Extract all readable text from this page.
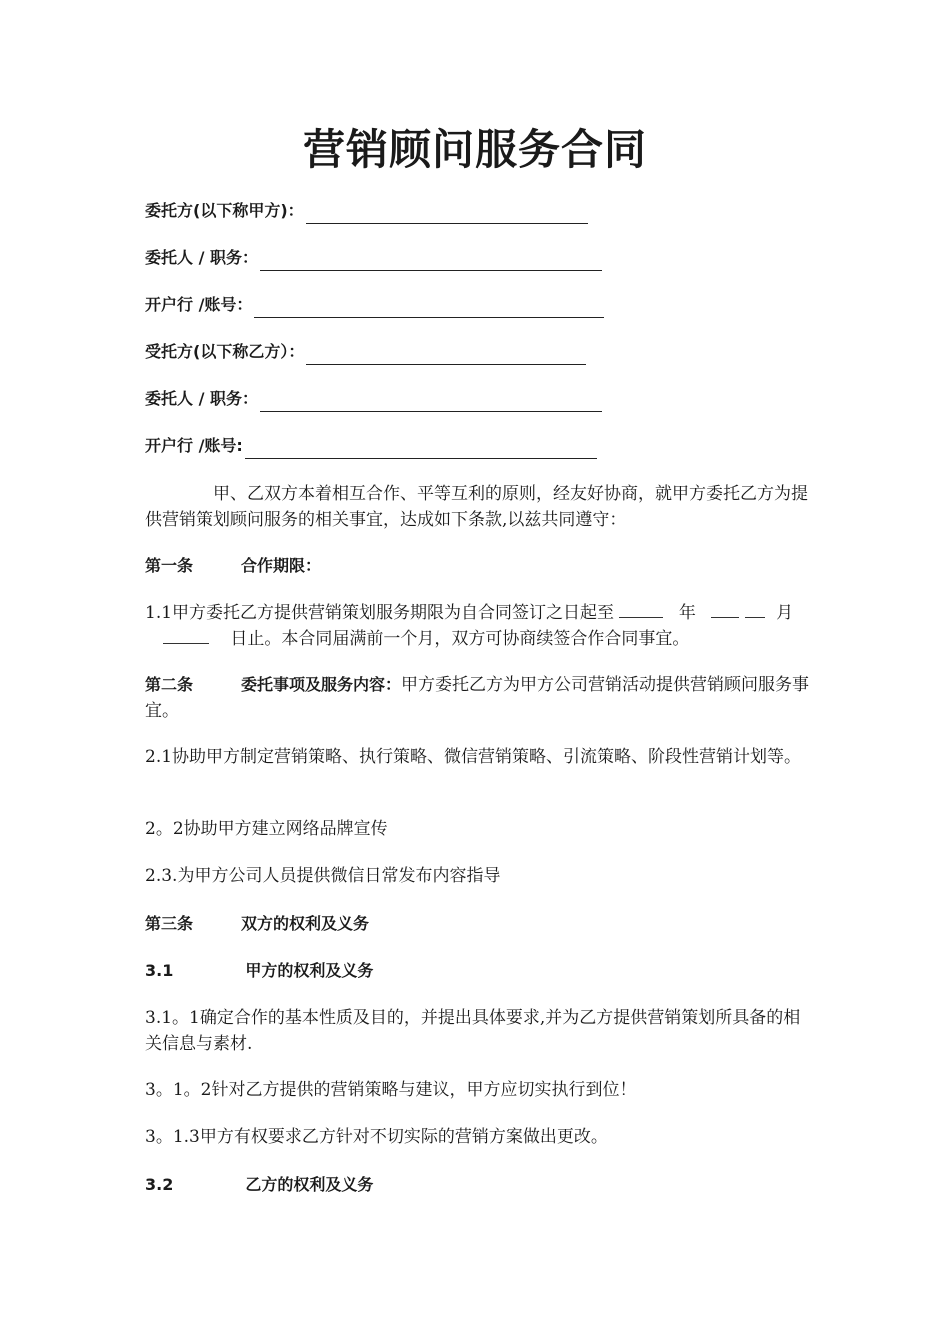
营销顾问服务合同
委托方(以下称甲方)：
委托人 / 职务：
开户行 /账号：
受托方(以下称乙方）：
委托人 / 职务：
开户行 /账号:
甲、乙双方本着相互合作、平等互利的原则，经友好协商，就甲方委托乙方为提供营销策划顾问服务的相关事宜，达成如下条款,以兹共同遵守：
第一条	合作期限：
1.1甲方委托乙方提供营销策划服务期限为自合同签订之日起至	年	月  日止。本合同届满前一个月，双方可协商续签合作合同事宜。
第二条	委托事项及服务内容：甲方委托乙方为甲方公司营销活动提供营销顾问服务事宜。
2.1协助甲方制定营销策略、执行策略、微信营销策略、引流策略、阶段性营销计划等。
2。2协助甲方建立网络品牌宣传
2.3.为甲方公司人员提供微信日常发布内容指导
第三条	双方的权利及义务
3.1	甲方的权利及义务
3.1。1确定合作的基本性质及目的，并提出具体要求,并为乙方提供营销策划所具备的相关信息与素材.
3。1。2针对乙方提供的营销策略与建议，甲方应切实执行到位！
3。1.3甲方有权要求乙方针对不切实际的营销方案做出更改。
3.2	乙方的权利及义务
